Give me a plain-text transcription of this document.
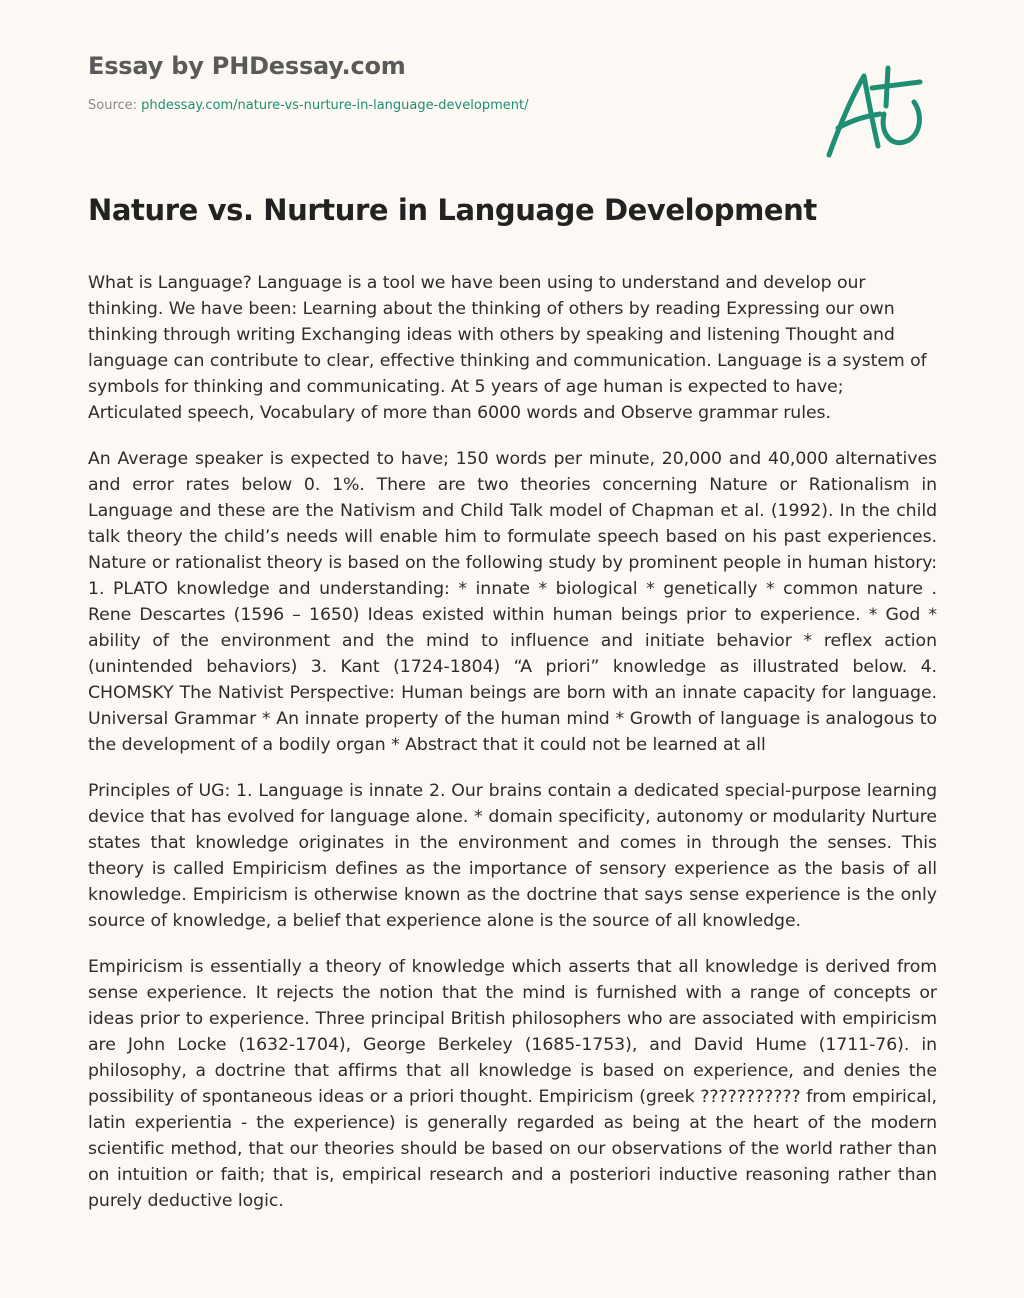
Essay by PHDessay.com
Source: phdessay.com/nature-vs-nurture-in-language-development/
Nature vs. Nurture in Language Development

What is Language? Language is a tool we have been using to understand and develop our thinking. We have been: Learning about the thinking of others by reading Expressing our own thinking through writing Exchanging ideas with others by speaking and listening Thought and language can contribute to clear, effective thinking and communication. Language is a system of symbols for thinking and communicating. At 5 years of age human is expected to have; Articulated speech, Vocabulary of more than 6000 words and Observe grammar rules.

An Average speaker is expected to have; 150 words per minute, 20,000 and 40,000 alternatives and error rates below 0. 1%. There are two theories concerning Nature or Rationalism in Language and these are the Nativism and Child Talk model of Chapman et al. (1992). In the child talk theory the child’s needs will enable him to formulate speech based on his past experiences. Nature or rationalist theory is based on the following study by prominent people in human history: 1. PLATO knowledge and understanding: * innate * biological * genetically * common nature . Rene Descartes (1596 – 1650) Ideas existed within human beings prior to experience. * God * ability of the environment and the mind to influence and initiate behavior * reflex action (unintended behaviors) 3. Kant (1724-1804) “A priori” knowledge as illustrated below. 4. CHOMSKY The Nativist Perspective: Human beings are born with an innate capacity for language. Universal Grammar * An innate property of the human mind * Growth of language is analogous to the development of a bodily organ * Abstract that it could not be learned at all

Principles of UG: 1. Language is innate 2. Our brains contain a dedicated special-purpose learning device that has evolved for language alone. * domain specificity, autonomy or modularity Nurture states that knowledge originates in the environment and comes in through the senses. This theory is called Empiricism defines as the importance of sensory experience as the basis of all knowledge. Empiricism is otherwise known as the doctrine that says sense experience is the only source of knowledge, a belief that experience alone is the source of all knowledge.

Empiricism is essentially a theory of knowledge which asserts that all knowledge is derived from sense experience. It rejects the notion that the mind is furnished with a range of concepts or ideas prior to experience. Three principal British philosophers who are associated with empiricism are John Locke (1632-1704), George Berkeley (1685-1753), and David Hume (1711-76). in philosophy, a doctrine that affirms that all knowledge is based on experience, and denies the possibility of spontaneous ideas or a priori thought. Empiricism (greek ??????????? from empirical, latin experientia - the experience) is generally regarded as being at the heart of the modern scientific method, that our theories should be based on our observations of the world rather than on intuition or faith; that is, empirical research and a posteriori inductive reasoning rather than purely deductive logic.
